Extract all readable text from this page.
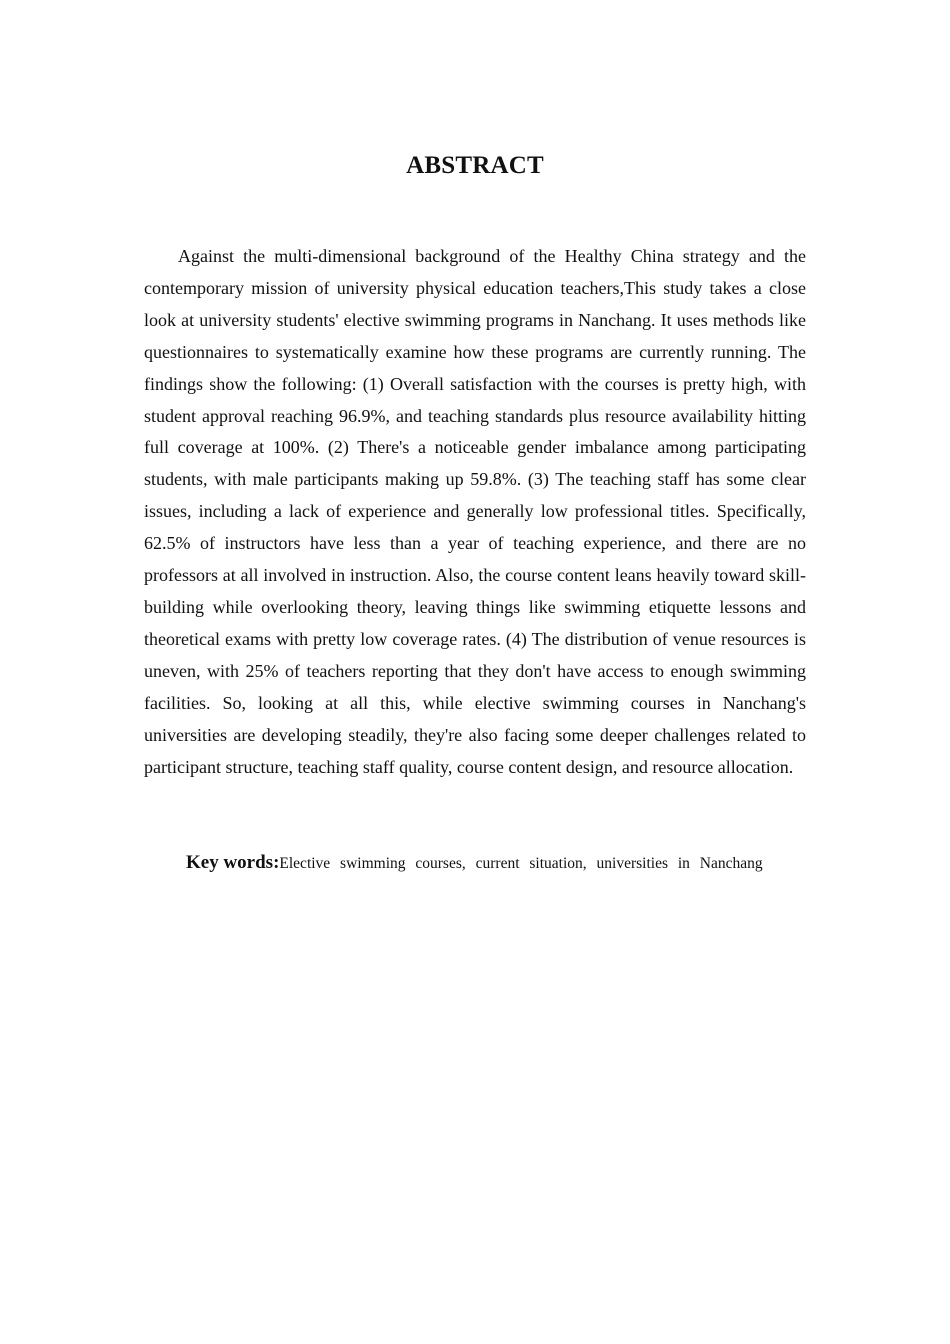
ABSTRACT

Against the multi-dimensional background of the Healthy China strategy and the contemporary mission of university physical education teachers,This study takes a close look at university students' elective swimming programs in Nanchang. It uses methods like questionnaires to systematically examine how these programs are currently running. The findings show the following: (1) Overall satisfaction with the courses is pretty high, with student approval reaching 96.9%, and teaching standards plus resource availability hitting full coverage at 100%. (2) There's a noticeable gender imbalance among participating students, with male participants making up 59.8%. (3) The teaching staff has some clear issues, including a lack of experience and generally low professional titles. Specifically, 62.5% of instructors have less than a year of teaching experience, and there are no professors at all involved in instruction. Also, the course content leans heavily toward skill-building while overlooking theory, leaving things like swimming etiquette lessons and theoretical exams with pretty low coverage rates. (4) The distribution of venue resources is uneven, with 25% of teachers reporting that they don't have access to enough swimming facilities. So, looking at all this, while elective swimming courses in Nanchang's universities are developing steadily, they're also facing some deeper challenges related to participant structure, teaching staff quality, course content design, and resource allocation.

Key words:Elective swimming courses, current situation, universities in Nanchang
